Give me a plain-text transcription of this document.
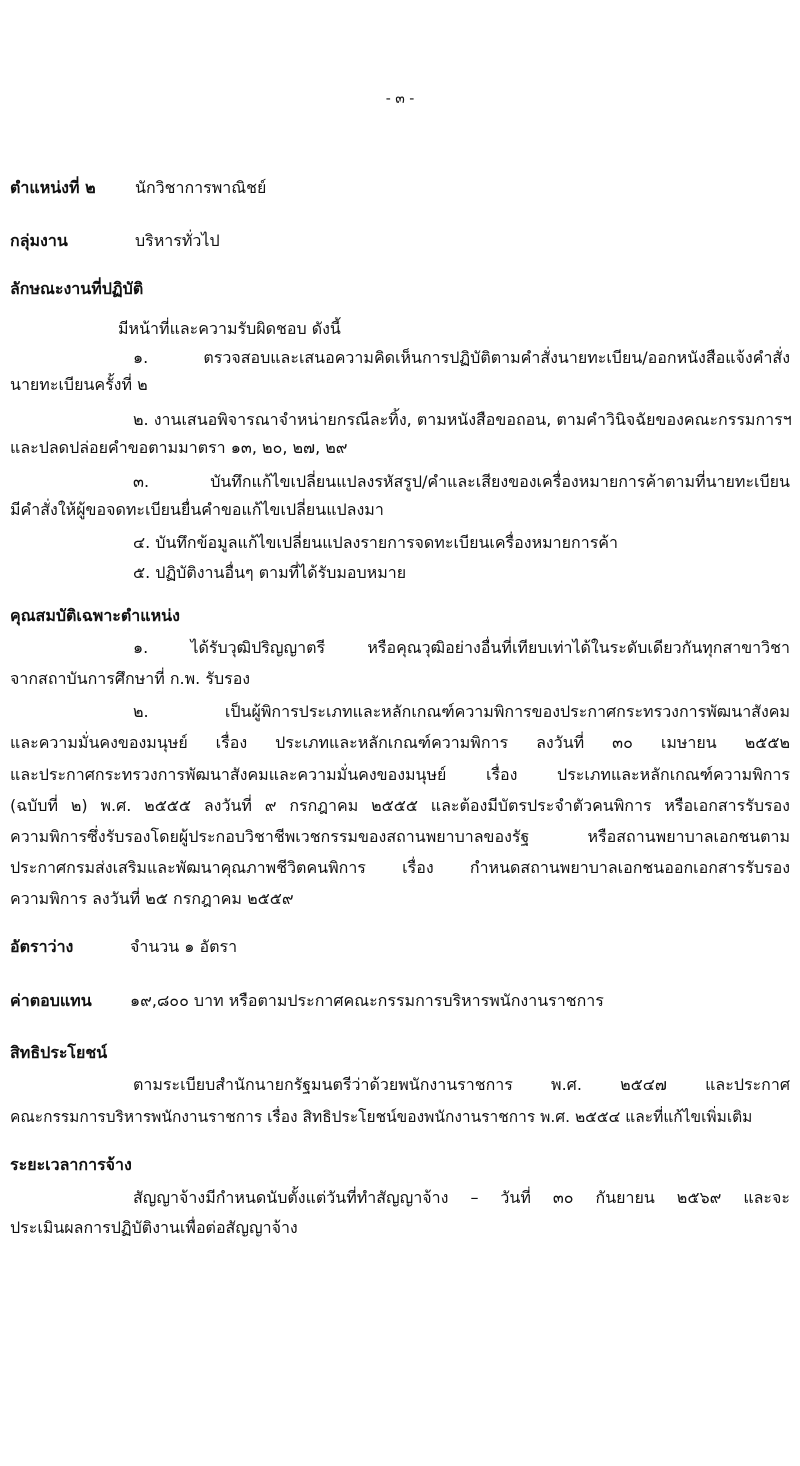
- ๓ -
ตำแหน่งที่ ๒ นักวิชาการพาณิชย์
กลุ่มงาน	บริหารทั่วไป
ลักษณะงานที่ปฏิบัติ
มีหน้าที่และความรับผิดชอบ ดังนี้
๑. ตรวจสอบและเสนอความคิดเห็นการปฏิบัติตามคำสั่งนายทะเบียน/ออกหนังสือแจ้งคำสั่ง
นายทะเบียนครั้งที่ ๒
๒. งานเสนอพิจารณาจำหน่ายกรณีละทิ้ง, ตามหนังสือขอถอน, ตามคำวินิจฉัยของคณะกรรมการฯ
และปลดปล่อยคำขอตามมาตรา ๑๓, ๒๐, ๒๗, ๒๙
๓. บันทึกแก้ไขเปลี่ยนแปลงรหัสรูป/คำและเสียงของเครื่องหมายการค้าตามที่นายทะเบียน
มีคำสั่งให้ผู้ขอจดทะเบียนยื่นคำขอแก้ไขเปลี่ยนแปลงมา
๔. บันทึกข้อมูลแก้ไขเปลี่ยนแปลงรายการจดทะเบียนเครื่องหมายการค้า
๕. ปฏิบัติงานอื่นๆ ตามที่ได้รับมอบหมาย
คุณสมบัติเฉพาะตำแหน่ง
๑. ได้รับวุฒิปริญญาตรี หรือคุณวุฒิอย่างอื่นที่เทียบเท่าได้ในระดับเดียวกันทุกสาขาวิชา
จากสถาบันการศึกษาที่ ก.พ. รับรอง
๒. เป็นผู้พิการประเภทและหลักเกณฑ์ความพิการของประกาศกระทรวงการพัฒนาสังคม
และความมั่นคงของมนุษย์ เรื่อง ประเภทและหลักเกณฑ์ความพิการ ลงวันที่ ๓๐ เมษายน ๒๕๕๒
และประกาศกระทรวงการพัฒนาสังคมและความมั่นคงของมนุษย์ เรื่อง ประเภทและหลักเกณฑ์ความพิการ
(ฉบับที่ ๒) พ.ศ. ๒๕๕๕ ลงวันที่ ๙ กรกฎาคม ๒๕๕๕ และต้องมีบัตรประจำตัวคนพิการ หรือเอกสารรับรอง
ความพิการซึ่งรับรองโดยผู้ประกอบวิชาชีพเวชกรรมของสถานพยาบาลของรัฐ หรือสถานพยาบาลเอกชนตาม
ประกาศกรมส่งเสริมและพัฒนาคุณภาพชีวิตคนพิการ เรื่อง กำหนดสถานพยาบาลเอกชนออกเอกสารรับรอง
ความพิการ ลงวันที่ ๒๕ กรกฎาคม ๒๕๕๙
อัตราว่าง	จำนวน ๑ อัตรา
ค่าตอบแทน ๑๙,๘๐๐ บาท หรือตามประกาศคณะกรรมการบริหารพนักงานราชการ
สิทธิประโยชน์
ตามระเบียบสำนักนายกรัฐมนตรีว่าด้วยพนักงานราชการ พ.ศ. ๒๕๔๗ และประกาศ
คณะกรรมการบริหารพนักงานราชการ เรื่อง สิทธิประโยชน์ของพนักงานราชการ พ.ศ. ๒๕๕๔ และที่แก้ไขเพิ่มเติม
ระยะเวลาการจ้าง
สัญญาจ้างมีกำหนดนับตั้งแต่วันที่ทำสัญญาจ้าง – วันที่ ๓๐ กันยายน ๒๕๖๙ และจะ
ประเมินผลการปฏิบัติงานเพื่อต่อสัญญาจ้าง
